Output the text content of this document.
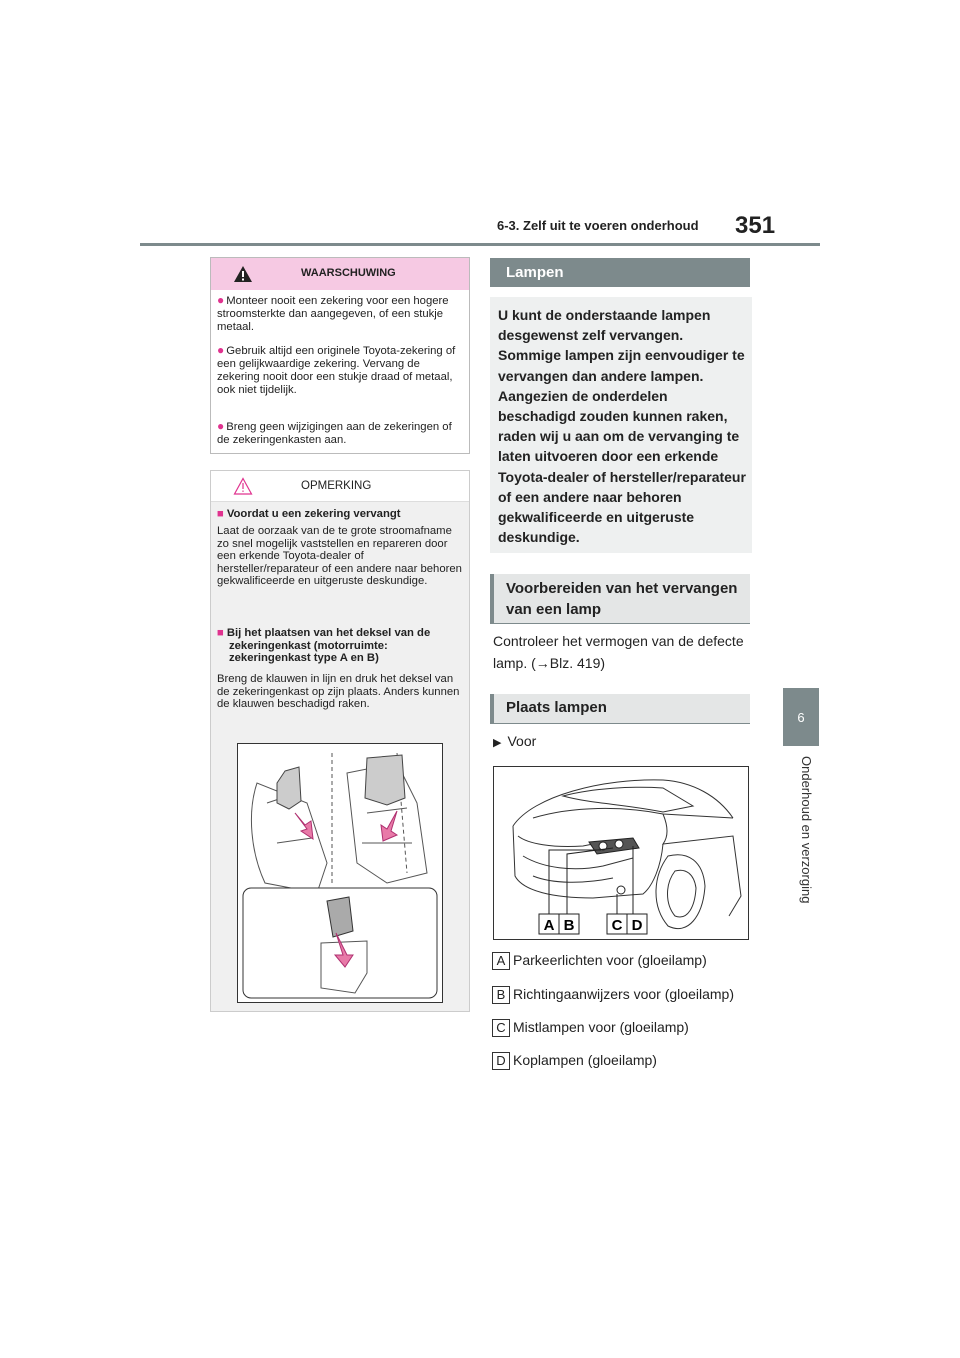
6-3. Zelf uit te voeren onderhoud 351
6
Onderhoud en verzorging
WAARSCHUWING
● Monteer nooit een zekering voor een hogere stroomsterkte dan aangegeven, of een stukje metaal.
● Gebruik altijd een originele Toyota-zekering of een gelijkwaardige zekering. Vervang de zekering nooit door een stukje draad of metaal, ook niet tijdelijk.
● Breng geen wijzigingen aan de zekeringen of de zekeringenkasten aan.
OPMERKING
■ Voordat u een zekering vervangt
Laat de oorzaak van de te grote stroomafname zo snel mogelijk vaststellen en repareren door een erkende Toyota-dealer of hersteller/reparateur of een andere naar behoren gekwalificeerde en uitgeruste deskundige.
■ Bij het plaatsen van het deksel van de zekeringenkast (motorruimte: zekeringenkast type A en B)
Breng de klauwen in lijn en druk het deksel van de zekeringenkast op zijn plaats. Anders kunnen de klauwen beschadigd raken.
Lampen
U kunt de onderstaande lampen desgewenst zelf vervangen. Sommige lampen zijn eenvoudiger te vervangen dan andere lampen. Aangezien de onderdelen beschadigd zouden kunnen raken, raden wij u aan om de vervanging te laten uitvoeren door een erkende Toyota-dealer of hersteller/reparateur of een andere naar behoren gekwalificeerde en uitgeruste deskundige.
Voorbereiden van het vervangen van een lamp
Controleer het vermogen van de defecte lamp. (→Blz. 419)
Plaats lampen
▶ Voor
A B C D
A Parkeerlichten voor (gloeilamp)
B Richtingaanwijzers voor (gloeilamp)
C Mistlampen voor (gloeilamp)
D Koplampen (gloeilamp)
